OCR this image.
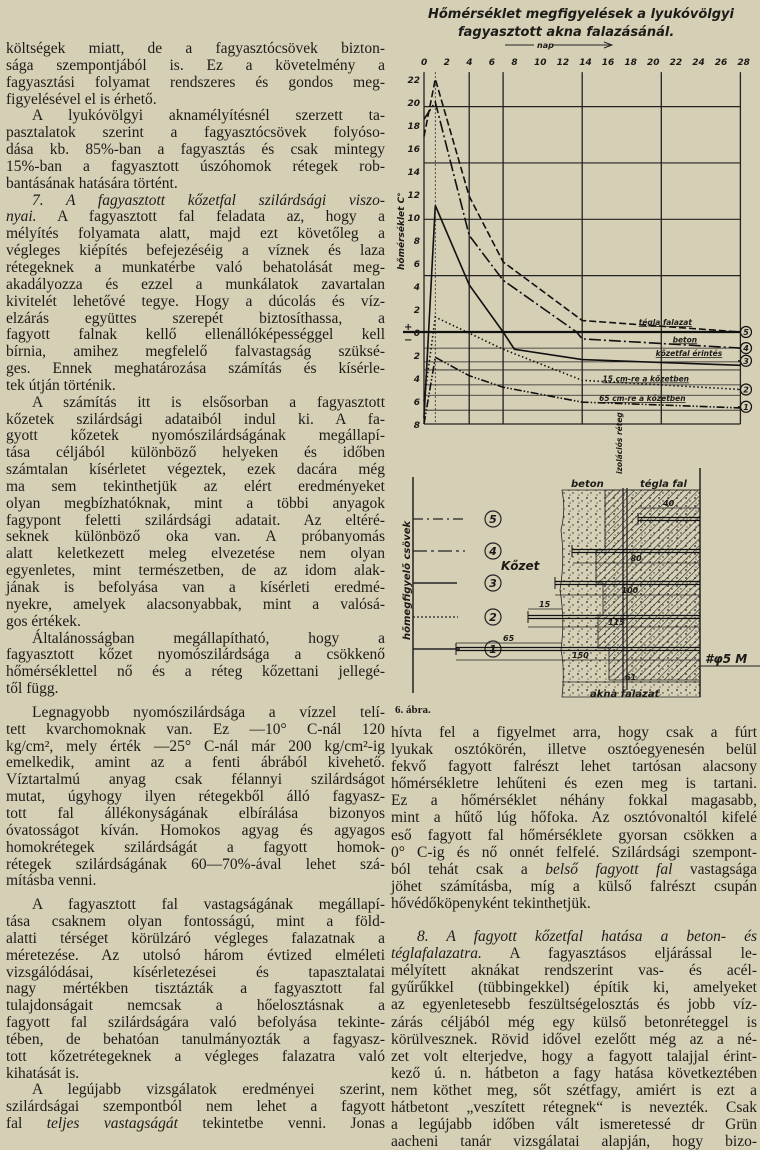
költségek miatt, de a fagyasztócsövek bizton-
sága szempontjából is. Ez a követelmény a
fagyasztási folyamat rendszeres és gondos meg-
figyelésével el is érhető.
A lyukóvölgyi aknamélyítésnél szerzett ta-
pasztalatok szerint a fagyasztócsövek folyóso-
dása kb. 85%-ban a fagyasztás és csak mintegy
15%-ban a fagyasztott úszóhomok rétegek rob-
bantásának hatására történt.
7. A fagyasztott kőzetfal szilárdsági viszo-
nyai. A fagyasztott fal feladata az, hogy a
mélyítés folyamata alatt, majd ezt követőleg a
végleges kiépítés befejezéséig a víznek és laza
rétegeknek a munkatérbe való behatolását meg-
akadályozza és ezzel a munkálatok zavartalan
kivitelét lehetővé tegye. Hogy a dúcolás és víz-
elzárás együttes szerepét biztosíthassa, a
fagyott falnak kellő ellenállóképességgel kell
bírnia, amihez megfelelő falvastagság szüksé-
ges. Ennek meghatározása számítás és kísérle-
tek útján történik.
A számítás itt is elsősorban a fagyasztott
kőzetek szilárdsági adataiból indul ki. A fa-
gyott kőzetek nyomószilárdságának megállapí-
tása céljából különböző helyeken és időben
számtalan kísérletet végeztek, ezek dacára még
ma sem tekinthetjük az elért eredményeket
olyan megbízhatóknak, mint a többi anyagok
fagypont feletti szilárdsági adatait. Az eltéré-
seknek különböző oka van. A próbanyomás
alatt keletkezett meleg elvezetése nem olyan
egyenletes, mint természetben, de az idom alak-
jának is befolyása van a kísérleti eredmé-
nyekre, amelyek alacsonyabbak, mint a valósá-
gos értékek.
Általánosságban megállapítható, hogy a
fagyasztott kőzet nyomószilárdsága a csökkenő
hőmérséklettel nő és a réteg kőzettani jellegé-
től függ.
Legnagyobb nyomószilárdsága a vízzel telí-
tett kvarchomoknak van. Ez —10° C-nál 120
kg/cm², mely érték —25° C-nál már 200 kg/cm²-ig
emelkedik, amint az a fenti ábrából kivehető.
Víztartalmú anyag csak félannyi szilárdságot
mutat, úgyhogy ilyen rétegekből álló fagyasz-
tott fal állékonyságának elbírálása bizonyos
óvatosságot kíván. Homokos agyag és agyagos
homokrétegek szilárdságát a fagyott homok-
rétegek szilárdságának 60—70%-ával lehet szá-
mításba venni.
A fagyasztott fal vastagságának megállapí-
tása csaknem olyan fontosságú, mint a föld-
alatti térséget körülzáró végleges falazatnak a
méretezése. Az utolsó három évtized elméleti
vizsgálódásai, kísérletezései és tapasztalatai
nagy mértékben tisztázták a fagyasztott fal
tulajdonságait nemcsak a hőelosztásnak a
fagyott fal szilárdságára való befolyása tekinte-
tében, de behatóan tanulmányozták a fagyasz-
tott kőzetrétegeknek a végleges falazatra való
kihatását is.
A legújabb vizsgálatok eredményei szerint,
szilárdságai szempontból nem lehet a fagyott
fal teljes vastagságát tekintetbe venni. Jonas
hívta fel a figyelmet arra, hogy csak a fúrt
lyukak osztókörén, illetve osztóegyenesén belül
fekvő fagyott falrészt lehet tartósan alacsony
hőmérsékletre lehűteni és ezen meg is tartani.
Ez a hőmérséklet néhány fokkal magasabb,
mint a hűtő lúg hőfoka. Az osztóvonaltól kifelé
eső fagyott fal hőmérséklete gyorsan csökken a
0° C-ig és nő onnét felfelé. Szilárdsági szempont-
ból tehát csak a belső fagyott fal vastagsága
jöhet számításba, míg a külső falrészt csupán
hővédőköpenyként tekinthetjük.
8. A fagyott kőzetfal hatása a beton- és
téglafalazatra. A fagyasztásos eljárással le-
mélyített aknákat rendszerint vas- és acél-
gyűrűkkel (tübbingekkel) építik ki, amelyeket
az egyenletesebb feszültségelosztás és jobb víz-
zárás céljából még egy külső betonréteggel is
körülvesznek. Rövid idővel ezelőtt még az a né-
zet volt elterjedve, hogy a fagyott talajjal érint-
kező ú. n. hátbeton a fagy hatása következtében
nem köthet meg, sőt szétfagy, amiért is ezt a
hátbetont „veszített rétegnek“ is nevezték. Csak
a legújabb időben vált ismeretessé dr Grün
aacheni tanár vizsgálatai alapján, hogy bizo-
6. ábra.
Hőmérséklet megfigyelések a lyukóvölgyi
fagyasztott akna falazásánál.
nap
hőmérséklet C°
+
−
0 2 4 6 8 10 12 14 16 18 20 22 24 26 28
22
20
18
16
14
12
10
8
6
4
2
0
2
4
6
8
tégla falazat
5
beton
4
kőzetfal érintés
3
15 cm-re a kőzetben
2
65 cm-re a kőzetben
1
hőmegfigyelő csövek
5
4
3
2
1
Kőzet
beton	tégla fal
izolációs réteg
40
80
100
115
15
65
150
61
#φ5 M
akna falazat
